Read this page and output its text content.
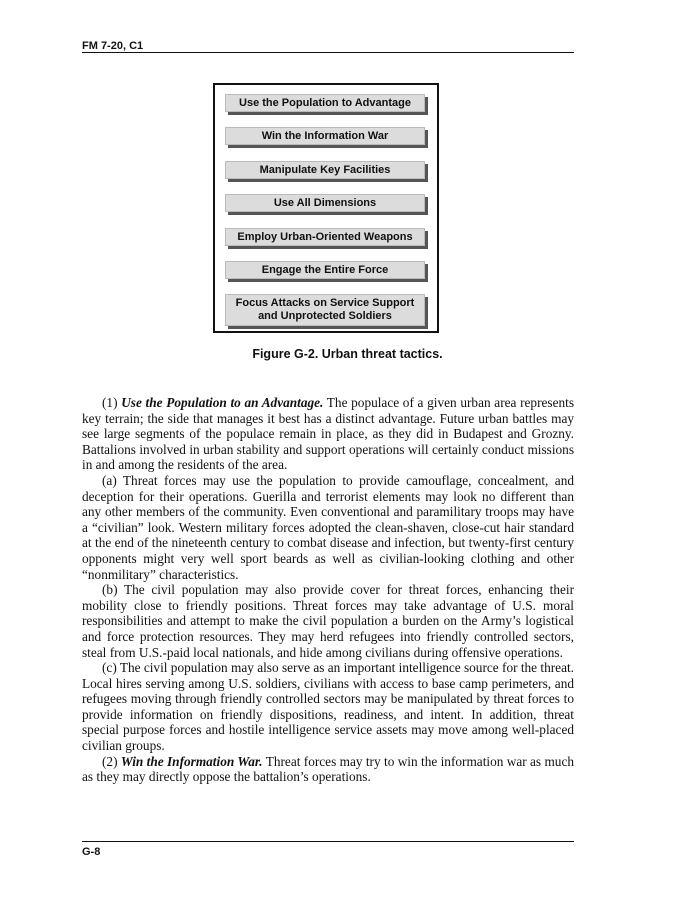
FM 7-20, C1
Use the Population to Advantage
Win the Information War
Manipulate Key Facilities
Use All Dimensions
Employ Urban-Oriented Weapons
Engage the Entire Force
Focus Attacks on Service Support and Unprotected Soldiers
Figure G-2. Urban threat tactics.

(1) Use the Population to an Advantage. The populace of a given urban area represents key terrain; the side that manages it best has a distinct advantage. Future urban battles may see large segments of the populace remain in place, as they did in Budapest and Grozny. Battalions involved in urban stability and support operations will certainly conduct missions in and among the residents of the area.

(a) Threat forces may use the population to provide camouflage, concealment, and deception for their operations. Guerilla and terrorist elements may look no different than any other members of the community. Even conventional and paramilitary troops may have a “civilian” look. Western military forces adopted the clean-shaven, close-cut hair standard at the end of the nineteenth century to combat disease and infection, but twenty-first century opponents might very well sport beards as well as civilian-looking clothing and other “nonmilitary” characteristics.

(b) The civil population may also provide cover for threat forces, enhancing their mobility close to friendly positions. Threat forces may take advantage of U.S. moral responsibilities and attempt to make the civil population a burden on the Army’s logistical and force protection resources. They may herd refugees into friendly controlled sectors, steal from U.S.-paid local nationals, and hide among civilians during offensive operations.

(c) The civil population may also serve as an important intelligence source for the threat. Local hires serving among U.S. soldiers, civilians with access to base camp perimeters, and refugees moving through friendly controlled sectors may be manipulated by threat forces to provide information on friendly dispositions, readiness, and intent. In addition, threat special purpose forces and hostile intelligence service assets may move among well-placed civilian groups.

(2) Win the Information War. Threat forces may try to win the information war as much as they may directly oppose the battalion’s operations.

G-8
